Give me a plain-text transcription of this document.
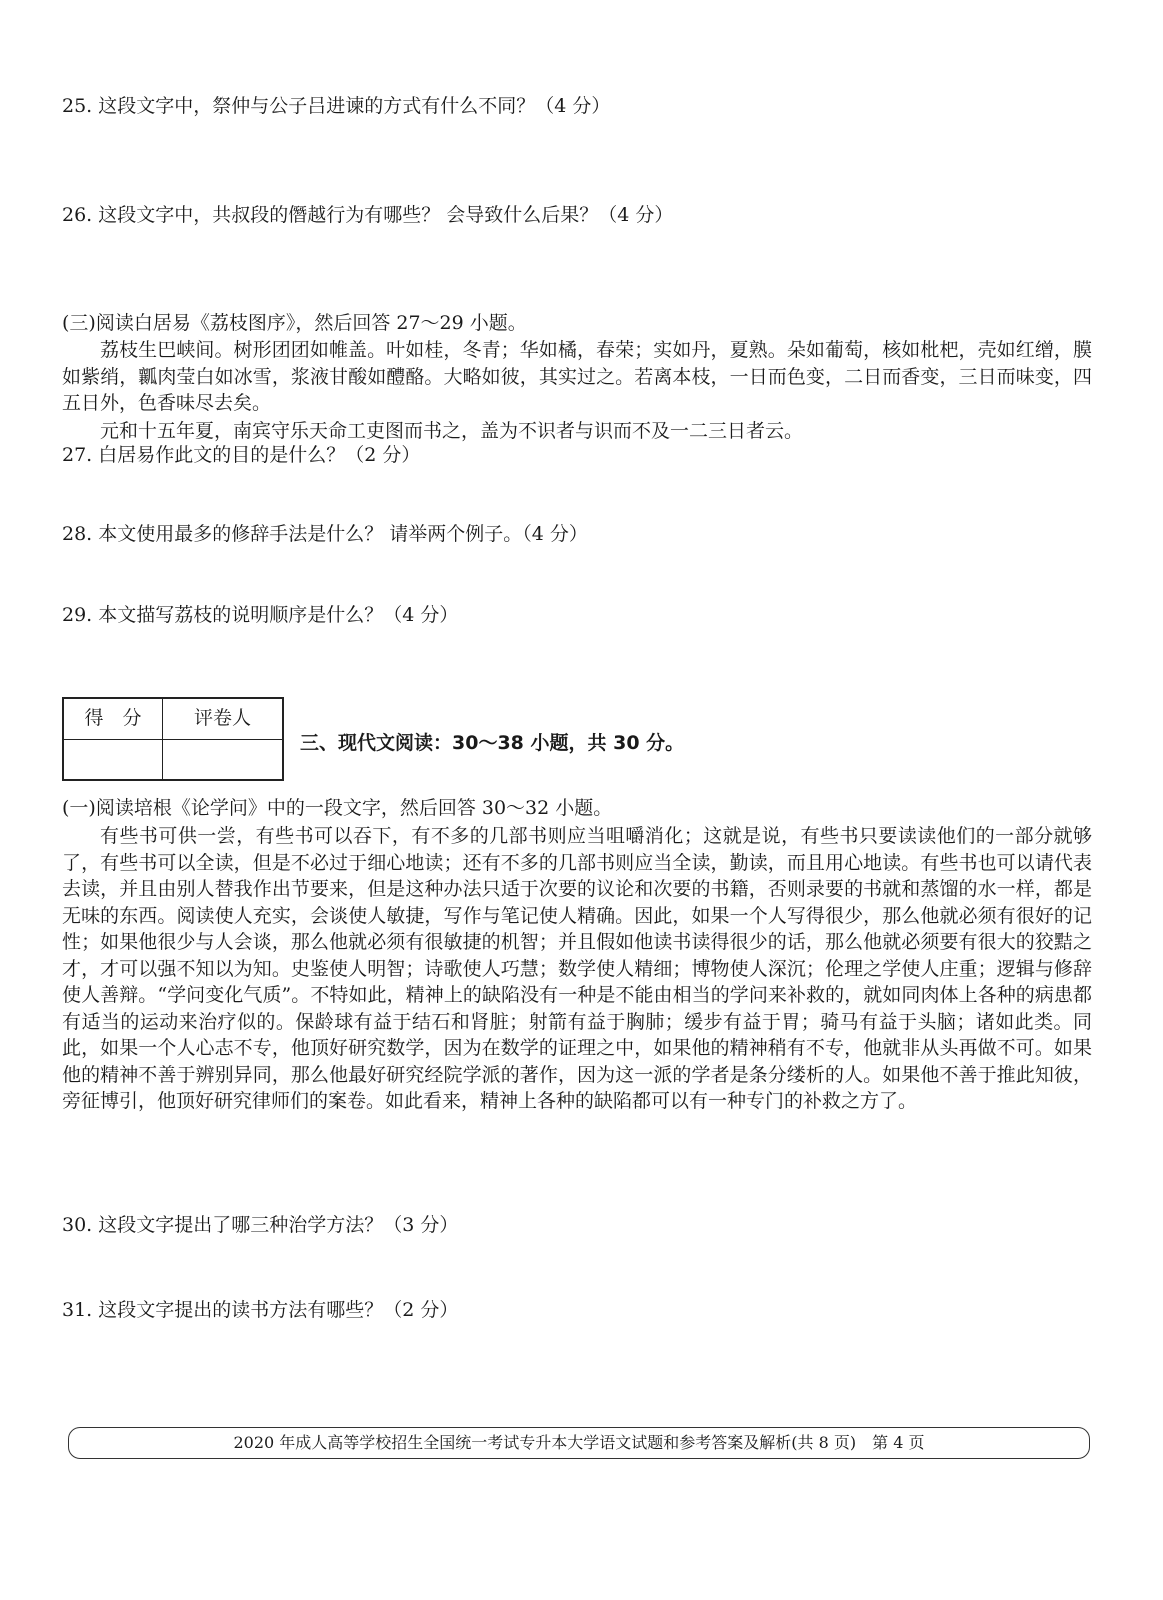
25. 这段文字中，祭仲与公子吕进谏的方式有什么不同？（4 分）
26. 这段文字中，共叔段的僭越行为有哪些？ 会导致什么后果？（4 分）
(三)阅读白居易《荔枝图序》，然后回答 27～29 小题。
荔枝生巴峡间。树形团团如帷盖。叶如桂，冬青；华如橘，春荣；实如丹，夏熟。朵如葡萄，核如枇杷，壳如红缯，膜如紫绡，瓤肉莹白如冰雪，浆液甘酸如醴酪。大略如彼，其实过之。若离本枝，一日而色变，二日而香变，三日而味变，四五日外，色香味尽去矣。
元和十五年夏，南宾守乐天命工吏图而书之，盖为不识者与识而不及一二三日者云。
27. 白居易作此文的目的是什么？（2 分）
28. 本文使用最多的修辞手法是什么？ 请举两个例子。（4 分）
29. 本文描写荔枝的说明顺序是什么？（4 分）
得　分	评卷人
三、现代文阅读：30～38 小题，共 30 分。
(一)阅读培根《论学问》中的一段文字，然后回答 30～32 小题。
有些书可供一尝，有些书可以吞下，有不多的几部书则应当咀嚼消化；这就是说，有些书只要读读他们的一部分就够了，有些书可以全读，但是不必过于细心地读；还有不多的几部书则应当全读，勤读，而且用心地读。有些书也可以请代表去读，并且由别人替我作出节要来，但是这种办法只适于次要的议论和次要的书籍，否则录要的书就和蒸馏的水一样，都是无味的东西。阅读使人充实，会谈使人敏捷，写作与笔记使人精确。因此，如果一个人写得很少，那么他就必须有很好的记性；如果他很少与人会谈，那么他就必须有很敏捷的机智；并且假如他读书读得很少的话，那么他就必须要有很大的狡黠之才，才可以强不知以为知。史鉴使人明智；诗歌使人巧慧；数学使人精细；博物使人深沉；伦理之学使人庄重；逻辑与修辞使人善辩。“学问变化气质”。不特如此，精神上的缺陷没有一种是不能由相当的学问来补救的，就如同肉体上各种的病患都有适当的运动来治疗似的。保龄球有益于结石和肾脏；射箭有益于胸肺；缓步有益于胃；骑马有益于头脑；诸如此类。同此，如果一个人心志不专，他顶好研究数学，因为在数学的证理之中，如果他的精神稍有不专，他就非从头再做不可。如果他的精神不善于辨别异同，那么他最好研究经院学派的著作，因为这一派的学者是条分缕析的人。如果他不善于推此知彼，旁征博引，他顶好研究律师们的案卷。如此看来，精神上各种的缺陷都可以有一种专门的补救之方了。
30. 这段文字提出了哪三种治学方法？（3 分）
31. 这段文字提出的读书方法有哪些？（2 分）
2020 年成人高等学校招生全国统一考试专升本大学语文试题和参考答案及解析(共 8 页)　第 4 页
